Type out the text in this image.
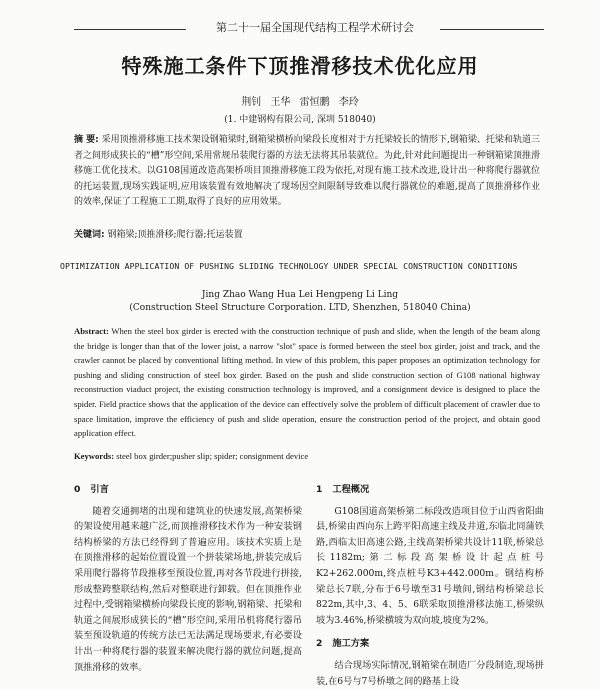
第二十一届全国现代结构工程学术研讨会
特殊施工条件下顶推滑移技术优化应用
荆钊 王华 雷恒鹏 李玲
(1. 中建钢构有限公司, 深圳 518040)
摘 要: 采用顶推滑移施工技术架设钢箱梁时,钢箱梁横桥向梁段长度相对于方托梁较长的情形下,钢箱梁、托梁和轨道三者之间形成狭长的“槽”形空间,采用常规吊装爬行器的方法无法将其吊装就位。为此,针对此问题提出一种钢箱梁顶推滑移施工优化技术。以G108国道改造高架桥项目顶推滑移施工段为依托,对现有施工技术改进,设计出一种将爬行器就位的托运装置,现场实践证明,应用该装置有效地解决了现场因空间限制导致难以爬行器就位的难题,提高了顶推滑移作业的效率,保证了工程施工工期,取得了良好的应用效果。
关键词: 钢箱梁;顶推滑移;爬行器;托运装置
OPTIMIZATION APPLICATION OF PUSHING SLIDING TECHNOLOGY UNDER SPECIAL CONSTRUCTION CONDITIONS
Jing Zhao Wang Hua Lei Hengpeng Li Ling
(Construction Steel Structure Corporation. LTD, Shenzhen, 518040 China)
Abstract: When the steel box girder is erected with the construction technique of push and slide, when the length of the beam along the bridge is longer than that of the lower joist, a narrow "slot" space is formed between the steel box girder, joist and track, and the crawler cannot be placed by conventional lifting method. In view of this problem, this paper proposes an optimization technology for pushing and sliding construction of steel box girder. Based on the push and slide construction section of G108 national highway reconstruction viaduct project, the existing construction technology is improved, and a consignment device is designed to place the spider. Field practice shows that the application of the device can effectively solve the problem of difficult placement of crawler due to space limitation, improve the efficiency of push and slide operation, ensure the construction period of the project, and obtain good application effect.
Keywords: steel box girder;pusher slip; spider; consignment device
0 引言

随着交通拥堵的出现和建筑业的快速发展,高架桥梁的架设使用越来越广泛,而顶推滑移技术作为一种安装钢结构桥梁的方法已经得到了普遍应用。该技术实质上是在顶推滑移的起始位置设置一个拼装梁场地,拼装完成后采用爬行器将节段推移至预设位置,再对各节段进行拼接,形成整跨整联结构,然后对整联进行卸载。但在顶推作业过程中,受钢箱梁横桥向梁段长度的影响,钢箱梁、托梁和轨道之间展形成狭长的“槽”形空间,采用吊机将爬行器吊装至预设轨道的传统方法已无法满足现场要求,有必要设计出一种将爬行器的装置来解决爬行器的就位问题,提高顶推滑移的效率。

1 工程概况

G108国道高架桥第二标段改造项目位于山西省阳曲县,桥梁由西向东上跨平阳高速主线及井道,东临北同蒲铁路,西临太旧高速公路,主线高架桥梁共设计11联,桥梁总长1182m;第二标段高架桥设计起点桩号K2+262.000m,终点桩号K3+442.000m。钢结构桥梁总长7联,分布于6号墩至31号墩间,钢结构桥梁总长822m,其中,3、4、5、6联采取顶推滑移法施工,桥梁纵坡为3.46%,桥梁横坡为双向坡,坡度为2%。

2 施工方案

结合现场实际情况,钢箱梁在制造厂分段制造,现场拼装,在6号与7号桥墩之间的路基上设
